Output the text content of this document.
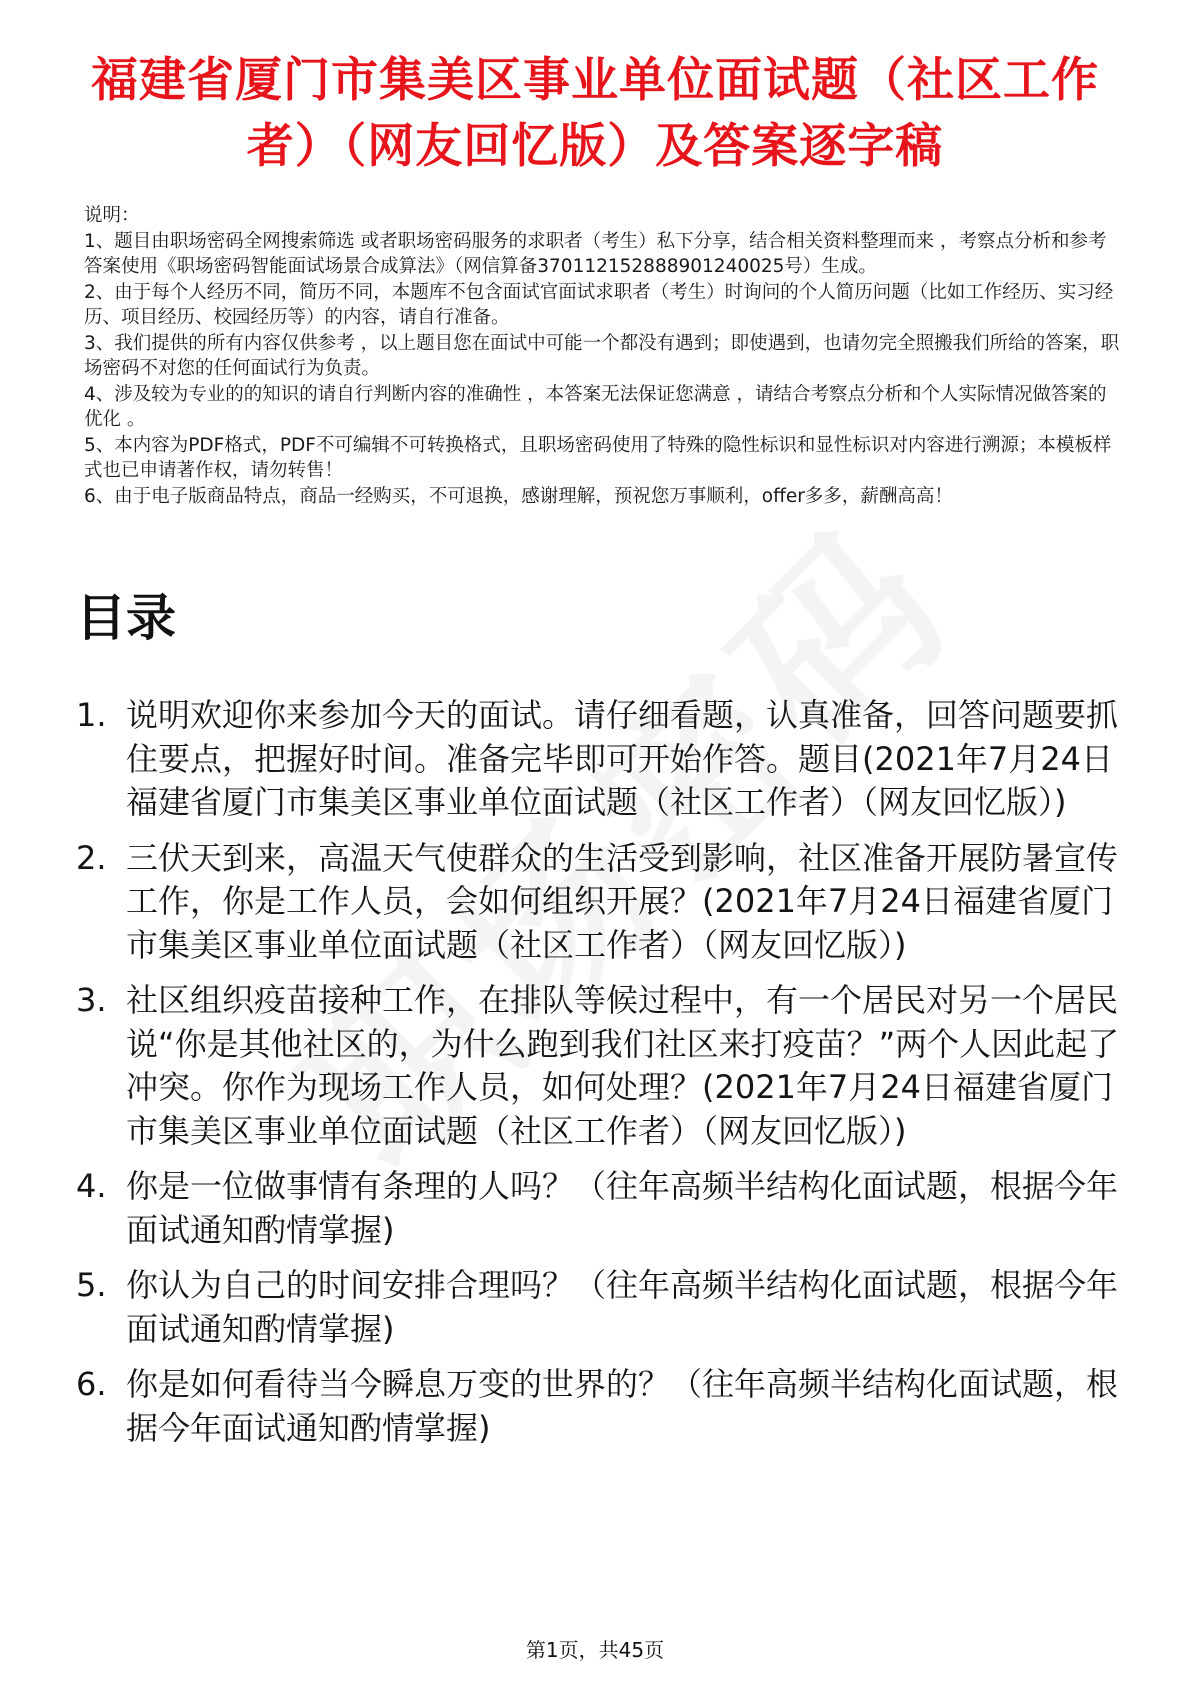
福建省厦门市集美区事业单位面试题（社区工作者）（网友回忆版）及答案逐字稿

说明：

1、题目由职场密码全网搜索筛选 或者职场密码服务的求职者（考生）私下分享，结合相关资料整理而来 ，考察点分析和参考答案使用《职场密码智能面试场景合成算法》（网信算备370112152888901240025号）生成。

2、由于每个人经历不同，简历不同，本题库不包含面试官面试求职者（考生）时询问的个人简历问题（比如工作经历、实习经历、项目经历、校园经历等）的内容，请自行准备。

3、我们提供的所有内容仅供参考 ，以上题目您在面试中可能一个都没有遇到；即使遇到，也请勿完全照搬我们所给的答案，职场密码不对您的任何面试行为负责。

4、涉及较为专业的的知识的请自行判断内容的准确性 ，本答案无法保证您满意 ，请结合考察点分析和个人实际情况做答案的优化 。

5、本内容为PDF格式，PDF不可编辑不可转换格式，且职场密码使用了特殊的隐性标识和显性标识对内容进行溯源；本模板样式也已申请著作权，请勿转售！

6、由于电子版商品特点，商品一经购买，不可退换，感谢理解，预祝您万事顺利，offer多多，薪酬高高！

目录
1. 说明欢迎你来参加今天的面试。请仔细看题，认真准备，回答问题要抓住要点，把握好时间。准备完毕即可开始作答。题目(2021年7月24日福建省厦门市集美区事业单位面试题（社区工作者）（网友回忆版）)
2. 三伏天到来，高温天气使群众的生活受到影响，社区准备开展防暑宣传工作，你是工作人员，会如何组织开展？(2021年7月24日福建省厦门市集美区事业单位面试题（社区工作者）（网友回忆版）)
3. 社区组织疫苗接种工作，在排队等候过程中，有一个居民对另一个居民说“你是其他社区的，为什么跑到我们社区来打疫苗？”两个人因此起了冲突。你作为现场工作人员，如何处理？(2021年7月24日福建省厦门市集美区事业单位面试题（社区工作者）（网友回忆版）)
4. 你是一位做事情有条理的人吗？（往年高频半结构化面试题，根据今年面试通知酌情掌握)
5. 你认为自己的时间安排合理吗？（往年高频半结构化面试题，根据今年面试通知酌情掌握)
6. 你是如何看待当今瞬息万变的世界的？（往年高频半结构化面试题，根据今年面试通知酌情掌握)
第1页，共45页
